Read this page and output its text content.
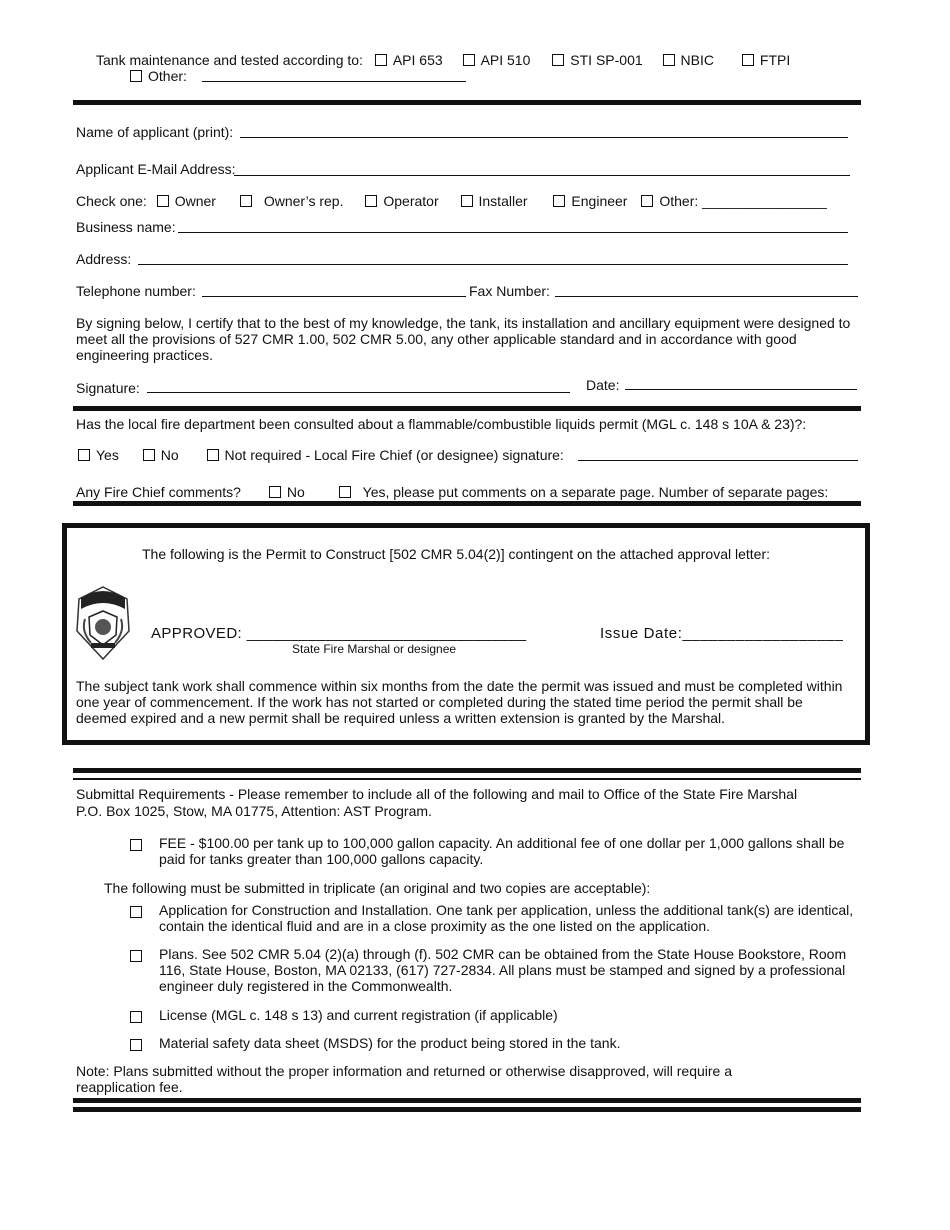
Tank maintenance and tested according to: API 653	API 510	STI SP-001	NBIC	FTPI
Other:
Name of applicant (print):
Applicant E-Mail Address:
Check one: Owner	Owner’s rep.	Operator	Installer	Engineer Other: ________________
Business name:
Address:
Telephone number:	Fax Number:
By signing below, I certify that to the best of my knowledge, the tank, its installation and ancillary equipment were designed to meet all the provisions of 527 CMR 1.00, 502 CMR 5.00, any other applicable standard and in accordance with good engineering practices.
Signature:	Date:
Has the local fire department been consulted about a flammable/combustible liquids permit (MGL c. 148 s 10A & 23)?:
Yes	No	Not required - Local Fire Chief (or designee) signature:
Any Fire Chief comments?	No	Yes, please put comments on a separate page. Number of separate pages:
The following is the Permit to Construct [502 CMR 5.04(2)] contingent on the attached approval letter:
APPROVED: ________________________________
State Fire Marshal or designee
Issue Date:__________________
The subject tank work shall commence within six months from the date the permit was issued and must be completed within one year of commencement. If the work has not started or completed during the stated time period the permit shall be deemed expired and a new permit shall be required unless a written extension is granted by the Marshal.
Submittal Requirements - Please remember to include all of the following and mail to Office of the State Fire Marshal
P.O. Box 1025, Stow, MA 01775, Attention: AST Program.
FEE - $100.00 per tank up to 100,000 gallon capacity. An additional fee of one dollar per 1,000 gallons shall be paid for tanks greater than 100,000 gallons capacity.
The following must be submitted in triplicate (an original and two copies are acceptable):
Application for Construction and Installation. One tank per application, unless the additional tank(s) are identical, contain the identical fluid and are in a close proximity as the one listed on the application.
Plans. See 502 CMR 5.04 (2)(a) through (f). 502 CMR can be obtained from the State House Bookstore, Room 116, State House, Boston, MA 02133, (617) 727-2834. All plans must be stamped and signed by a professional engineer duly registered in the Commonwealth.
License (MGL c. 148 s 13) and current registration (if applicable)
Material safety data sheet (MSDS) for the product being stored in the tank.
Note: Plans submitted without the proper information and returned or otherwise disapproved, will require a reapplication fee.
